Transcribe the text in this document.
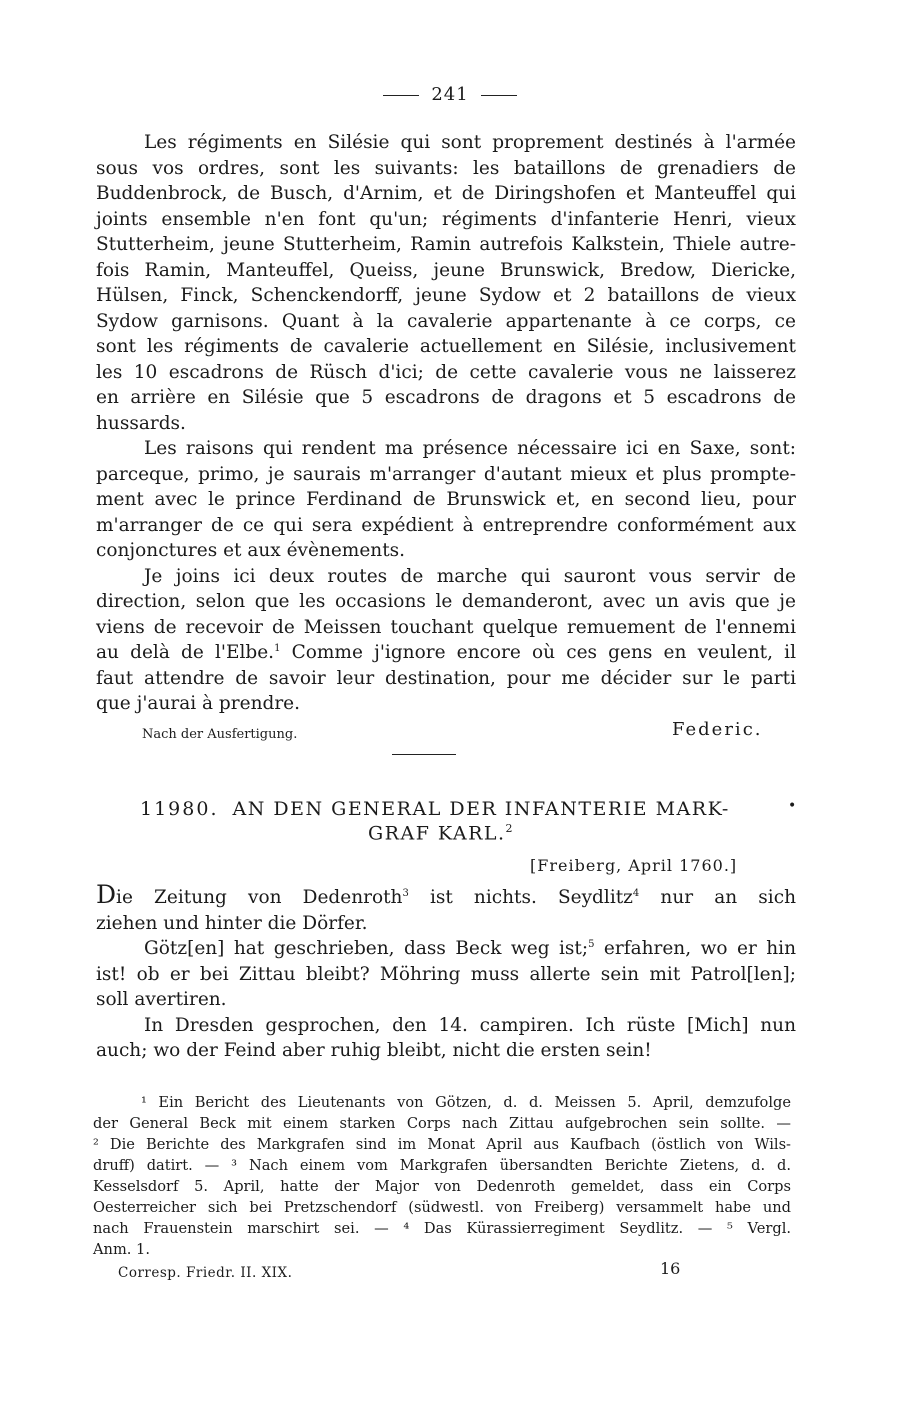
241

Les régiments en Silésie qui sont proprement destinés à l'armée
sous vos ordres, sont les suivants: les bataillons de grenadiers de
Buddenbrock, de Busch, d'Arnim, et de Diringshofen et Manteuffel qui
joints ensemble n'en font qu'un; régiments d'infanterie Henri, vieux
Stutterheim, jeune Stutterheim, Ramin autrefois Kalkstein, Thiele autre-
fois Ramin, Manteuffel, Queiss, jeune Brunswick, Bredow, Diericke,
Hülsen, Finck, Schenckendorff, jeune Sydow et 2 bataillons de vieux
Sydow garnisons. Quant à la cavalerie appartenante à ce corps, ce
sont les régiments de cavalerie actuellement en Silésie, inclusivement
les 10 escadrons de Rüsch d'ici; de cette cavalerie vous ne laisserez
en arrière en Silésie que 5 escadrons de dragons et 5 escadrons de
hussards.

Les raisons qui rendent ma présence nécessaire ici en Saxe, sont:
parceque, primo, je saurais m'arranger d'autant mieux et plus prompte-
ment avec le prince Ferdinand de Brunswick et, en second lieu, pour
m'arranger de ce qui sera expédient à entreprendre conformément aux
conjonctures et aux évènements.

Je joins ici deux routes de marche qui sauront vous servir de
direction, selon que les occasions le demanderont, avec un avis que je
viens de recevoir de Meissen touchant quelque remuement de l'ennemi
au delà de l'Elbe.$^1$ Comme j'ignore encore où ces gens en veulent, il
faut attendre de savoir leur destination, pour me décider sur le parti
que j'aurai à prendre.

Nach der Ausfertigung.	Federic.
11980. AN DEN GENERAL DER INFANTERIE MARK-
GRAF KARL.$^2$
•
[Freiberg, April 1760.]

Die Zeitung von Dedenroth$^3$ ist nichts. Seydlitz$^4$ nur an sich
ziehen und hinter die Dörfer.

Götz[en] hat geschrieben, dass Beck weg ist;$^5$ erfahren, wo er hin
ist! ob er bei Zittau bleibt? Möhring muss allerte sein mit Patrol[len];
soll avertiren.

In Dresden gesprochen, den 14. campiren. Ich rüste [Mich] nun
auch; wo der Feind aber ruhig bleibt, nicht die ersten sein!

¹ Ein Bericht des Lieutenants von Götzen, d. d. Meissen 5. April, demzufolge
der General Beck mit einem starken Corps nach Zittau aufgebrochen sein sollte. —
² Die Berichte des Markgrafen sind im Monat April aus Kaufbach (östlich von Wils-
druff) datirt. — ³ Nach einem vom Markgrafen übersandten Berichte Zietens, d. d.
Kesselsdorf 5. April, hatte der Major von Dedenroth gemeldet, dass ein Corps
Oesterreicher sich bei Pretzschendorf (südwestl. von Freiberg) versammelt habe und
nach Frauenstein marschirt sei. — ⁴ Das Kürassierregiment Seydlitz. — ⁵ Vergl.
Anm. 1.
Corresp. Friedr. II. XIX.	16
